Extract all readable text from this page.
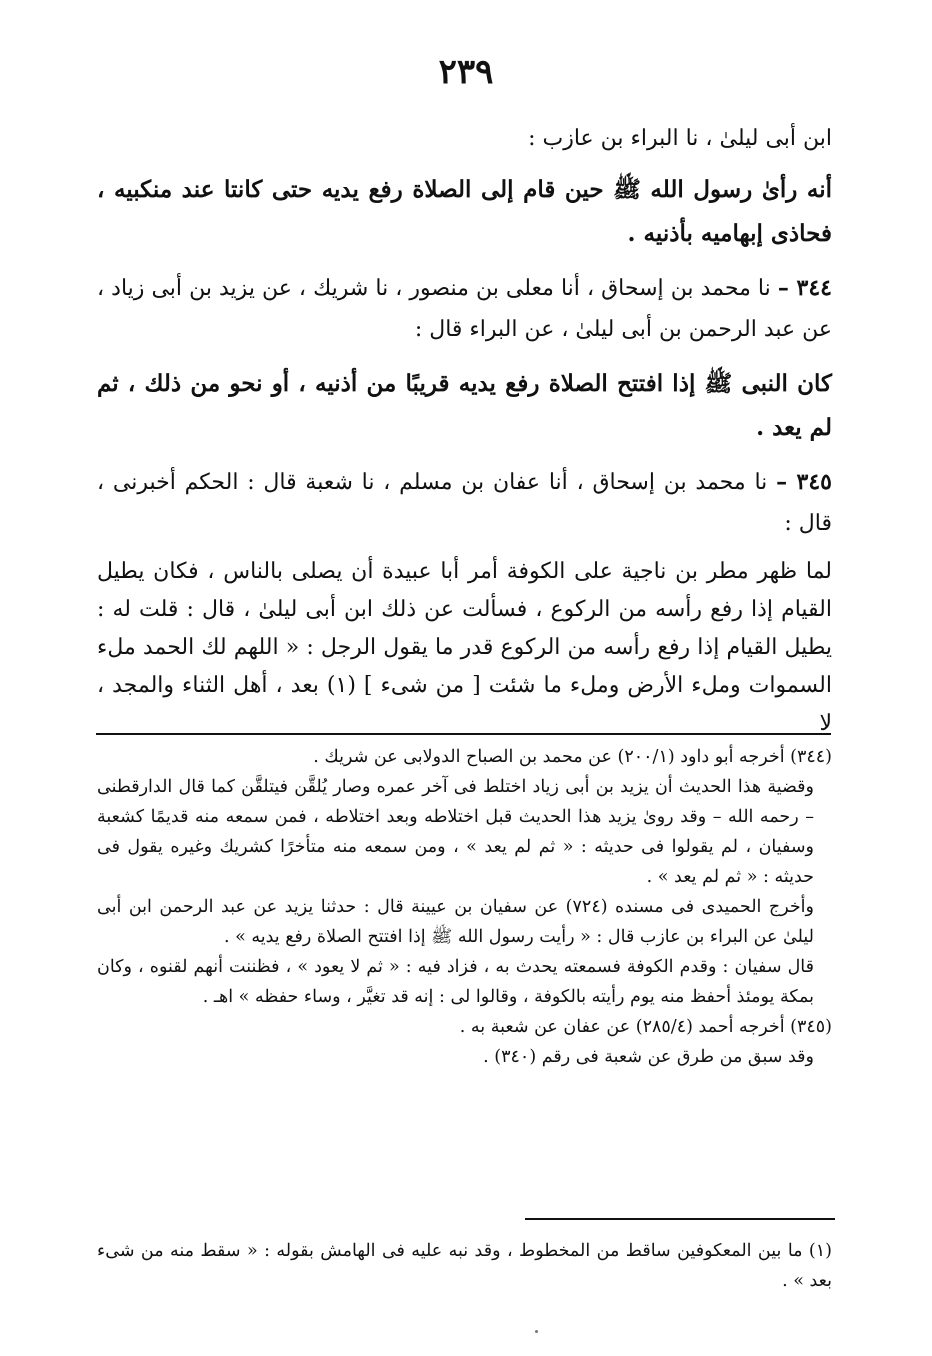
٢٣٩
ابن أبى ليلىٰ ، نا البراء بن عازب :
أنه رأىٰ رسول الله ﷺ حين قام إلى الصلاة رفع يديه حتى كانتا عند منكبيه ، فحاذى إبهاميه بأذنيه .
٣٤٤ – نا محمد بن إسحاق ، أنا معلى بن منصور ، نا شريك ، عن يزيد بن أبى زياد ، عن عبد الرحمن بن أبى ليلىٰ ، عن البراء قال :
كان النبى ﷺ إذا افتتح الصلاة رفع يديه قريبًا من أذنيه ، أو نحو من ذلك ، ثم لم يعد .
٣٤٥ – نا محمد بن إسحاق ، أنا عفان بن مسلم ، نا شعبة قال : الحكم أخبرنى ، قال :
لما ظهر مطر بن ناجية على الكوفة أمر أبا عبيدة أن يصلى بالناس ، فكان يطيل القيام إذا رفع رأسه من الركوع ، فسألت عن ذلك ابن أبى ليلىٰ ، قال : قلت له : يطيل القيام إذا رفع رأسه من الركوع قدر ما يقول الرجل : « اللهم لك الحمد ملء السموات وملء الأرض وملء ما شئت [ من شىء ] (١) بعد ، أهل الثناء والمجد ، لا
(٣٤٤) أخرجه أبو داود (٢٠٠/١) عن محمد بن الصباح الدولابى عن شريك .
وقضية هذا الحديث أن يزيد بن أبى زياد اختلط فى آخر عمره وصار يُلقَّن فيتلقَّن كما قال الدارقطنى – رحمه الله – وقد روىٰ يزيد هذا الحديث قبل اختلاطه وبعد اختلاطه ، فمن سمعه منه قديمًا كشعبة وسفيان ، لم يقولوا فى حديثه : « ثم لم يعد » ، ومن سمعه منه متأخرًا كشريك وغيره يقول فى حديثه : « ثم لم يعد » .
وأخرج الحميدى فى مسنده (٧٢٤) عن سفيان بن عيينة قال : حدثنا يزيد عن عبد الرحمن ابن أبى ليلىٰ عن البراء بن عازب قال : « رأيت رسول الله ﷺ إذا افتتح الصلاة رفع يديه » .
قال سفيان : وقدم الكوفة فسمعته يحدث به ، فزاد فيه : « ثم لا يعود » ، فظننت أنهم لقنوه ، وكان بمكة يومئذ أحفظ منه يوم رأيته بالكوفة ، وقالوا لى : إنه قد تغيَّر ، وساء حفظه » اهـ .
(٣٤٥) أخرجه أحمد (٢٨٥/٤) عن عفان عن شعبة به .
وقد سبق من طرق عن شعبة فى رقم (٣٤٠) .
(١) ما بين المعكوفين ساقط من المخطوط ، وقد نبه عليه فى الهامش بقوله : « سقط منه من شىء بعد » .
